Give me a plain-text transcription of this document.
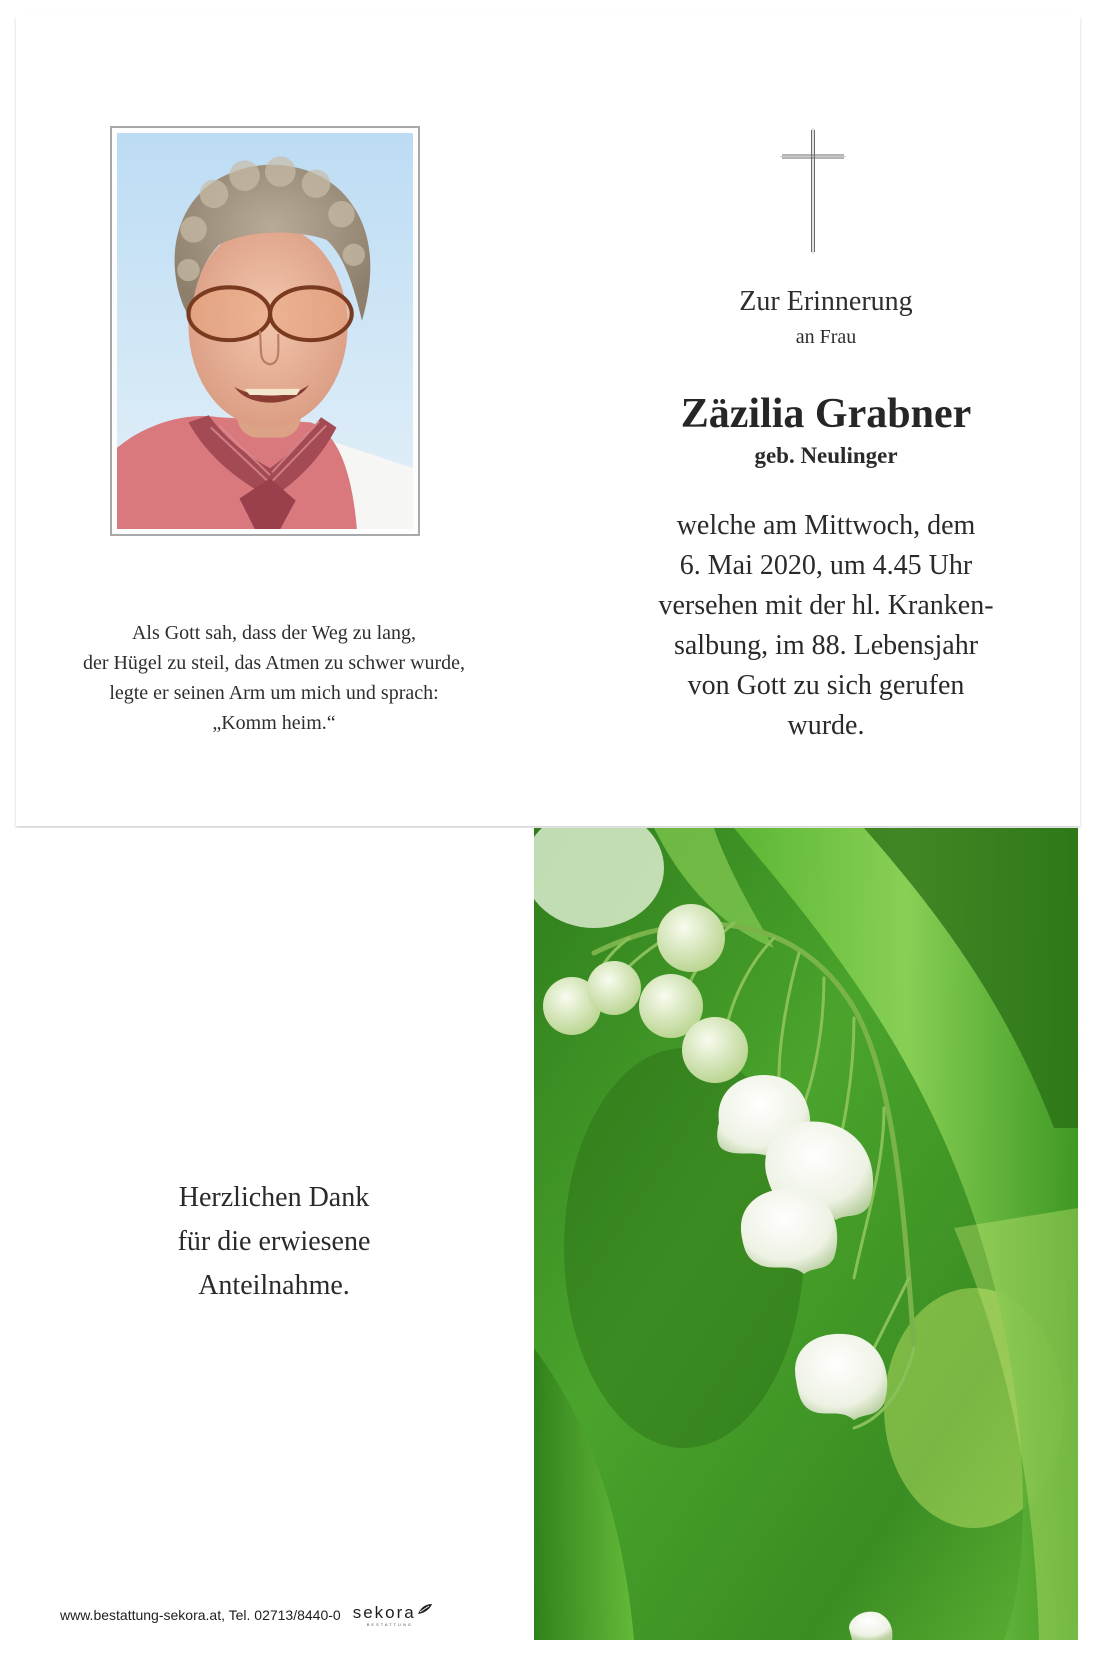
Als Gott sah, dass der Weg zu lang,
der Hügel zu steil, das Atmen zu schwer wurde,
legte er seinen Arm um mich und sprach:
„Komm heim.“
Zur Erinnerung
an Frau
Zäzilia Grabner
geb. Neulinger
welche am Mittwoch, dem
6. Mai 2020, um 4.45 Uhr
versehen mit der hl. Kranken-
salbung, im 88. Lebensjahr
von Gott zu sich gerufen
wurde.
Herzlichen Dank
für die erwiesene
Anteilnahme.
www.bestattung-sekora.at, Tel. 02713/8440-0 sekora
BESTATTUNG
